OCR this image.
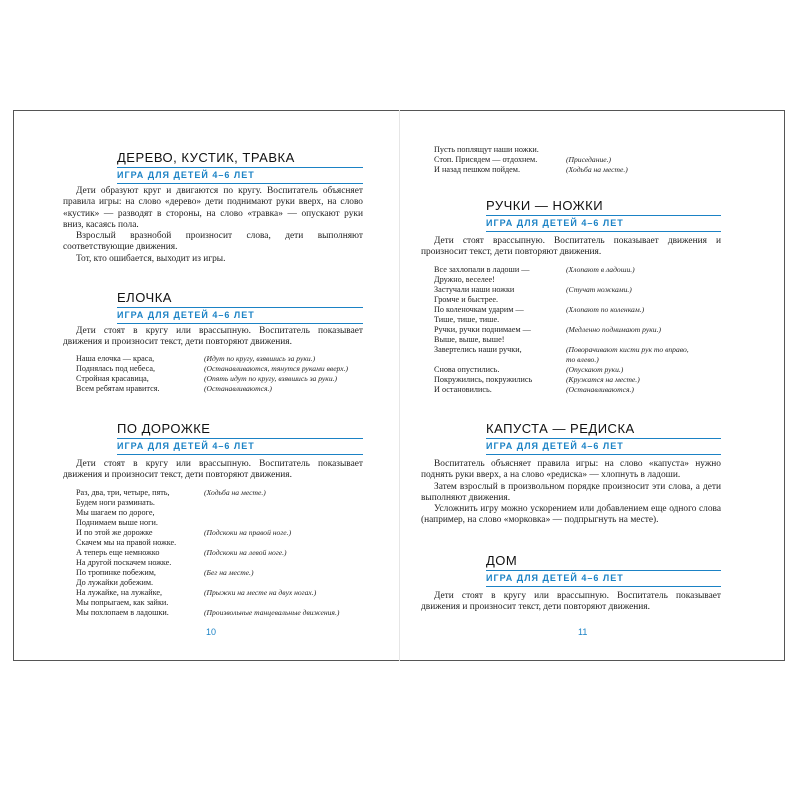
ДЕРЕВО, КУСТИК, ТРАВКА
ИГРА ДЛЯ ДЕТЕЙ 4–6 ЛЕТ

Дети образуют круг и двигаются по кругу. Воспитатель объясняет правила игры: на слово «дерево» дети поднимают руки вверх, на слово «кустик» — разводят в стороны, на слово «травка» — опускают руки вниз, касаясь пола.

Взрослый вразнобой произносит слова, дети выполняют соответствующие движения.

Тот, кто ошибается, выходит из игры.

ЕЛОЧКА
ИГРА ДЛЯ ДЕТЕЙ 4–6 ЛЕТ

Дети стоят в кругу или врассыпную. Воспитатель показывает движения и произносит текст, дети повторяют движения.

Наша елочка — краса,	(Идут по кругу, взявшись за руки.)
Поднялась под небеса,	(Останавливаются, тянутся руками вверх.)
Стройная красавица,	(Опять идут по кругу, взявшись за руки.)
Всем ребятам нравится.	(Останавливаются.)
ПО ДОРОЖКЕ
ИГРА ДЛЯ ДЕТЕЙ 4–6 ЛЕТ

Дети стоят в кругу или врассыпную. Воспитатель показывает движения и произносит текст, дети повторяют движения.

Раз, два, три, четыре, пять,	(Ходьба на месте.)
Будем ноги разминать.
Мы шагаем по дороге,
Поднимаем выше ноги.
И по этой же дорожке	(Подскоки на правой ноге.)
Скачем мы на правой ножке.
А теперь еще немножко	(Подскоки на левой ноге.)
На другой поскачем ножке.
По тропинке побежим,	(Бег на месте.)
До лужайки добежим.
На лужайке, на лужайке,	(Прыжки на месте на двух ногах.)
Мы попрыгаем, как зайки.
Мы похлопаем в ладошки.	(Произвольные танцевальные движения.)
10
Пусть поплящут наши ножки.
Стоп. Присядем — отдохнем.	(Приседание.)
И назад пешком пойдем.	(Ходьба на месте.)
РУЧКИ — НОЖКИ
ИГРА ДЛЯ ДЕТЕЙ 4–6 ЛЕТ

Дети стоят врассыпную. Воспитатель показывает движения и произносит текст, дети повторяют движения.

Все захлопали в ладоши —	(Хлопают в ладоши.)
Дружно, веселее!
Застучали наши ножки	(Стучат ножками.)
Громче и быстрее.
По коленочкам ударим —	(Хлопают по коленкам.)
Тише, тише, тише.
Ручки, ручки поднимаем —	(Медленно поднимают руки.)
Выше, выше, выше!
Завертелись наши ручки,	(Поворачивают кисти рук то вправо,
то влево.)
Снова опустились.	(Опускают руки.)
Покружились, покружились	(Кружатся на месте.)
И остановились.	(Останавливаются.)
КАПУСТА — РЕДИСКА
ИГРА ДЛЯ ДЕТЕЙ 4–6 ЛЕТ

Воспитатель объясняет правила игры: на слово «капуста» нужно поднять руки вверх, а на слово «редиска» — хлопнуть в ладоши.

Затем взрослый в произвольном порядке произносит эти слова, а дети выполняют движения.

Усложнить игру можно ускорением или добавлением еще одного слова (например, на слово «морковка» — подпрыгнуть на месте).

ДОМ
ИГРА ДЛЯ ДЕТЕЙ 4–6 ЛЕТ

Дети стоят в кругу или врассыпную. Воспитатель показывает движения и произносит текст, дети повторяют движения.

11
